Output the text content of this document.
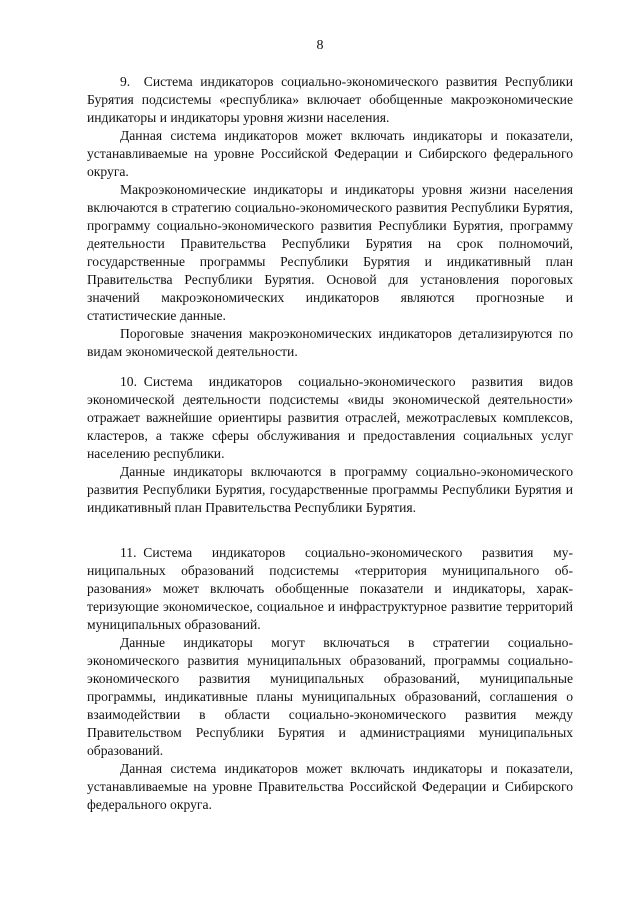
8

9. Система индикаторов социально-экономического развития Республики Бурятия подсистемы «республика» включает обобщенные макроэкономические индикаторы и индикаторы уровня жизни населения.

Данная система индикаторов может включать индикаторы и показатели, устанавливаемые на уровне Российской Федерации и Сибирского федерального округа.

Макроэкономические индикаторы и индикаторы уровня жизни населения включаются в стратегию социально-экономического развития Республики Бурятия, программу социально-экономического развития Республики Бурятия, программу деятельности Правительства Республики Бурятия на срок полномочий, государственные программы Республики Бурятия и индикативный план Правительства Республики Бурятия. Основой для установления пороговых значений макроэкономических индикаторов являются прогнозные и статистические данные.

Пороговые значения макроэкономических индикаторов детализируются по видам экономической деятельности.

10. Система индикаторов социально-экономического развития видов экономической деятельности подсистемы «виды экономической деятельности» отражает важнейшие ориентиры развития отраслей, межотраслевых комплексов, кластеров, а также сферы обслуживания и предоставления социальных услуг населению республики.

Данные индикаторы включаются в программу социально-экономического развития Республики Бурятия, государственные программы Республики Бурятия и индикативный план Правительства Республики Бурятия.

11. Система индикаторов социально-экономического развития муниципальных образований подсистемы «территория муниципального образования» может включать обобщенные показатели и индикаторы, характеризующие экономическое, социальное и инфраструктурное развитие территорий муниципальных образований.

Данные индикаторы могут включаться в стратегии социально-экономического развития муниципальных образований, программы социально-экономического развития муниципальных образований, муниципальные программы, индикативные планы муниципальных образований, соглашения о взаимодействии в области социально-экономического развития между Правительством Республики Бурятия и администрациями муниципальных образований.

Данная система индикаторов может включать индикаторы и показатели, устанавливаемые на уровне Правительства Российской Федерации и Сибирского федерального округа.
